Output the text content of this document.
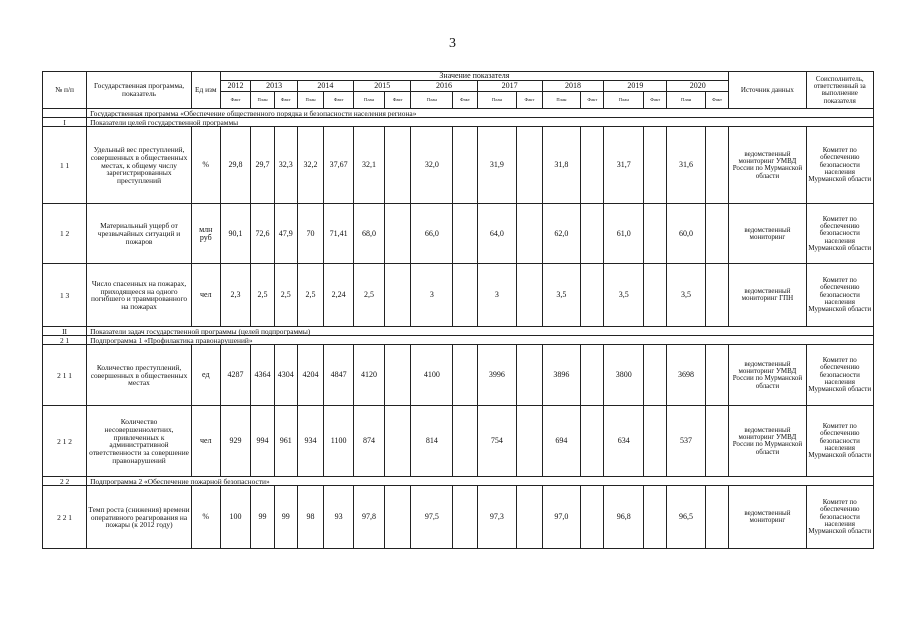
3
№ п/п	Государственная программа, показатель	Ед изм	Значение показателя																	Источник данных	Соисполнитель, ответственный за выполнение показателя
			2012	2013		2014		2015		2016		2017		2018		2019		2020			
			Факт	План	Факт	План	Факт	План	Факт	План	Факт	План	Факт	План	Факт	План	Факт	План	Факт		
	Государственная программа «Обеспечение общественного порядка и безопасности населения региона»																				
I	Показатели целей государственной программы																				
1 1	Удельный вес преступлений, совершенных в общественных местах, к общему числу зарегистрированных преступлений	%	29,8	29,7	32,3	32,2	37,67	32,1		32,0		31,9		31,8		31,7		31,6		ведомственный мониторинг УМВД России по Мурманской области	Комитет по обеспечению безопасности населения Мурманской области
1 2	Материальный ущерб от чрезвычайных ситуаций и пожаров	млн руб	90,1	72,6	47,9	70	71,41	68,0		66,0		64,0		62,0		61,0		60,0		ведомственный мониторинг	Комитет по обеспечению безопасности населения Мурманской области
1 3	Число спасенных на пожарах, приходящееся на одного погибшего и травмированного на пожарах	чел	2,3	2,5	2,5	2,5	2,24	2,5		3		3		3,5		3,5		3,5		ведомственный мониторинг ГПН	Комитет по обеспечению безопасности населения Мурманской области
II	Показатели задач государственной программы (целей подпрограммы)																				
2 1	Подпрограмма 1 «Профилактика правонарушений»																				
2 1 1	Количество преступлений, совершенных в общественных местах	ед	4287	4364	4304	4204	4847	4120		4100		3996		3896		3800		3698		ведомственный мониторинг УМВД России по Мурманской области	Комитет по обеспечению безопасности населения Мурманской области
2 1 2	Количество несовершеннолетних, привлеченных к административной ответственности за совершение правонарушений	чел	929	994	961	934	1100	874		814		754		694		634		537		ведомственный мониторинг УМВД России по Мурманской области	Комитет по обеспечению безопасности населения Мурманской области
2 2	Подпрограмма 2 «Обеспечение пожарной безопасности»																				
2 2 1	Темп роста (снижения) времени оперативного реагирования на пожары (к 2012 году)	%	100	99	99	98	93	97,8		97,5		97,3		97,0		96,8		96,5		ведомственный мониторинг	Комитет по обеспечению безопасности населения Мурманской области
